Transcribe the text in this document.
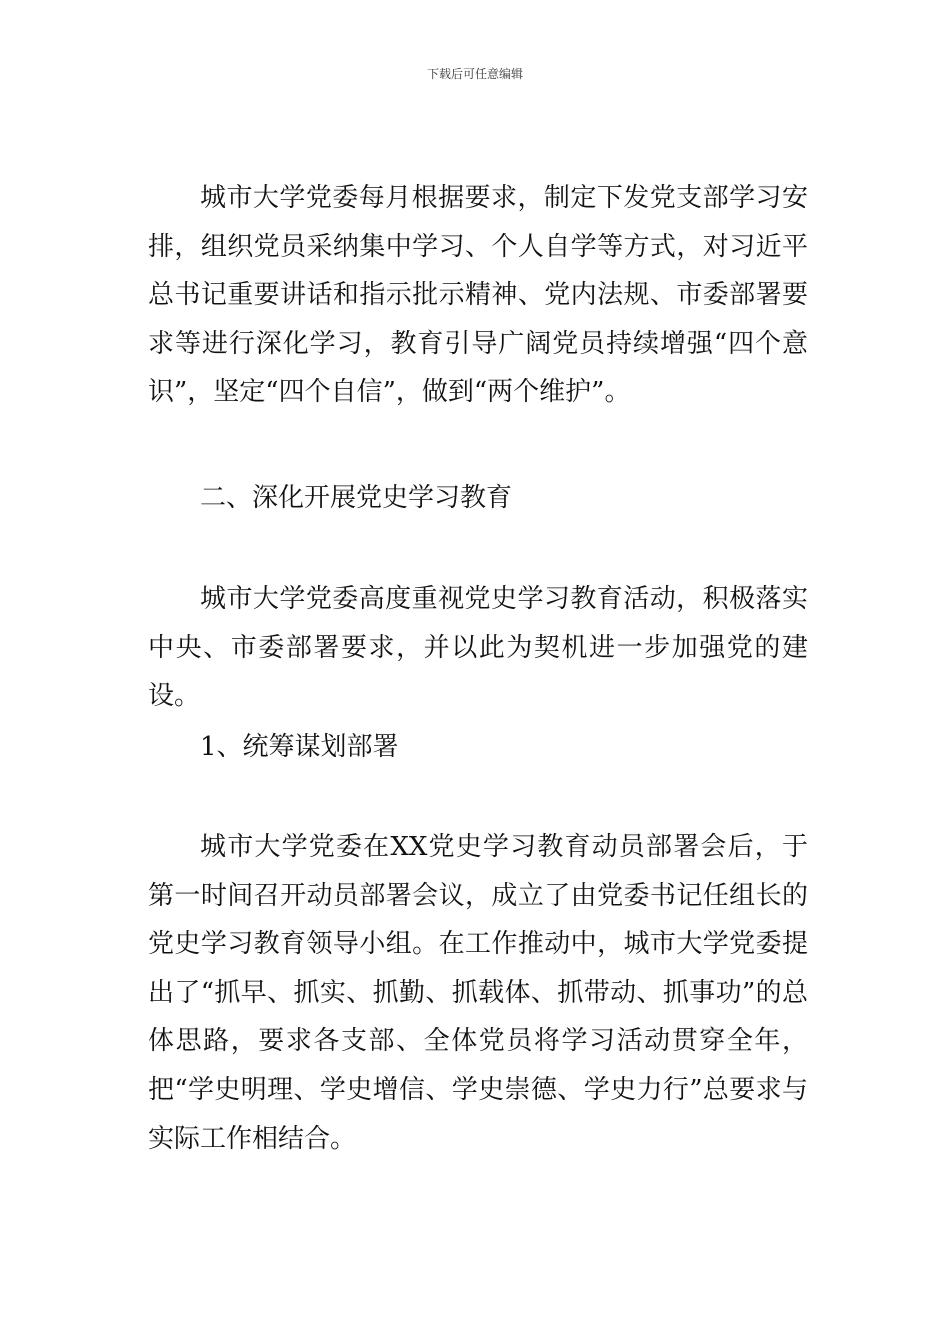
下载后可任意编辑

城市大学党委每月根据要求，制定下发党支部学习安排，组织党员采纳集中学习、个人自学等方式，对习近平总书记重要讲话和指示批示精神、党内法规、市委部署要求等进行深化学习，教育引导广阔党员持续增强“四个意识”，坚定“四个自信”，做到“两个维护”。

二、深化开展党史学习教育

城市大学党委高度重视党史学习教育活动，积极落实中央、市委部署要求，并以此为契机进一步加强党的建设。

1、统筹谋划部署

城市大学党委在XX党史学习教育动员部署会后，于第一时间召开动员部署会议，成立了由党委书记任组长的党史学习教育领导小组。在工作推动中，城市大学党委提出了“抓早、抓实、抓勤、抓载体、抓带动、抓事功”的总体思路，要求各支部、全体党员将学习活动贯穿全年，把“学史明理、学史增信、学史崇德、学史力行”总要求与实际工作相结合。
